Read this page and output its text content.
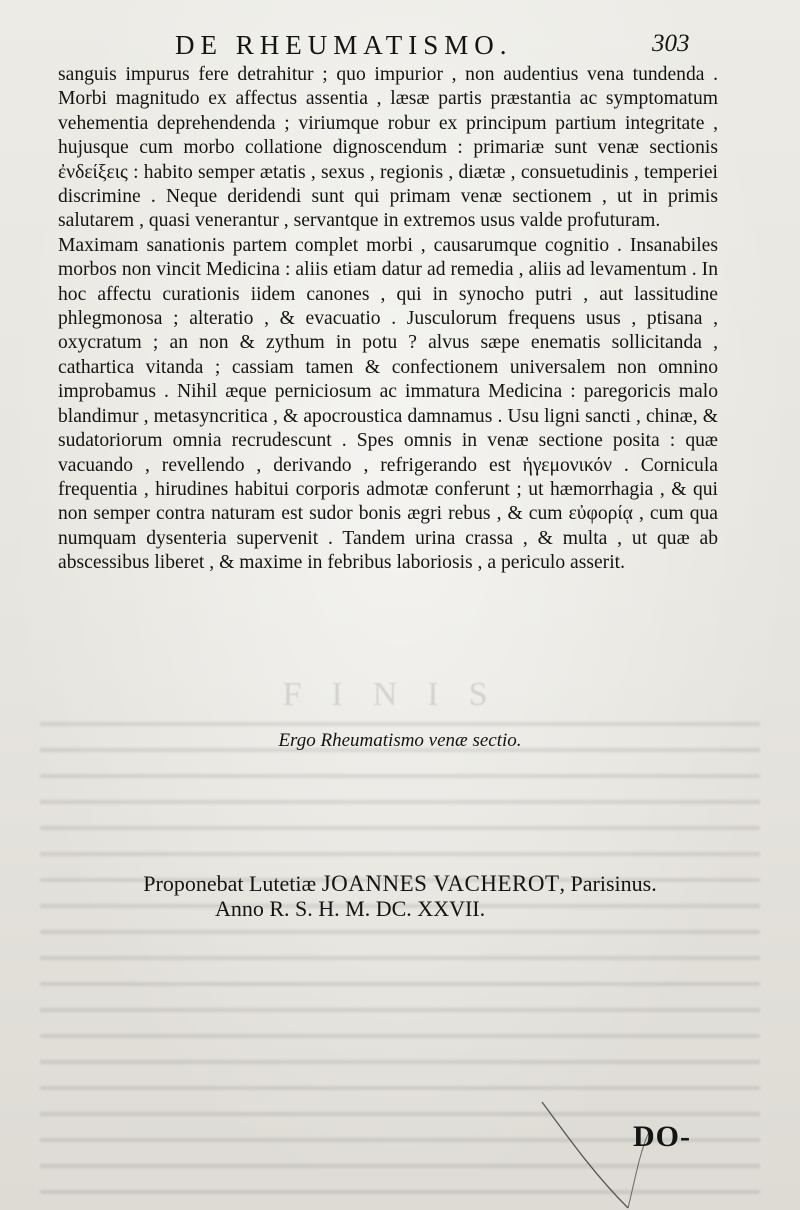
DE RHEUMATISMO.	303

sanguis impurus fere detrahitur ; quo impurior , non audentius vena tundenda . Morbi magnitudo ex affectus assentia , læsæ partis præstantia ac symptomatum vehementia deprehendenda ; viriumque robur ex principum partium integritate , hujusque cum morbo collatione dignoscendum : primariæ sunt venæ sectionis ἐνδείξεις : habito semper ætatis , sexus , regionis , diætæ , consuetudinis , temperiei discrimine . Neque deridendi sunt qui primam venæ sectionem , ut in primis salutarem , quasi venerantur , servantque in extremos usus valde profuturam.

Maximam sanationis partem complet morbi , causarumque cognitio . Insanabiles morbos non vincit Medicina : aliis etiam datur ad remedia , aliis ad levamentum . In hoc affectu curationis iidem canones , qui in synocho putri , aut lassitudine phlegmonosa ; alteratio , & evacuatio . Jusculorum frequens usus , ptisana , oxycratum ; an non & zythum in potu ? alvus sæpe enematis sollicitanda , cathartica vitanda ; cassiam tamen & confectionem universalem non omnino improbamus . Nihil æque perniciosum ac immatura Medicina : paregoricis malo blandimur , metasyncritica , & apocroustica damnamus . Usu ligni sancti , chinæ, & sudatoriorum omnia recrudescunt . Spes omnis in venæ sectione posita : quæ vacuando , revellendo , derivando , refrigerando est ἡγεμονικόν . Cornicula frequentia , hirudines habitui corporis admotæ conferunt ; ut hæmorrhagia , & qui non semper contra naturam est sudor bonis ægri rebus , & cum εὐφορίᾳ , cum qua numquam dysenteria supervenit . Tandem urina crassa , & multa , ut quæ ab abscessibus liberet , & maxime in febribus laboriosis , a periculo asserit.

FINIS
Ergo Rheumatismo venæ sectio.
Proponebat Lutetiæ JOANNES VACHEROT, Parisinus.
Anno R. S. H. M. DC. XXVII.
DO-
